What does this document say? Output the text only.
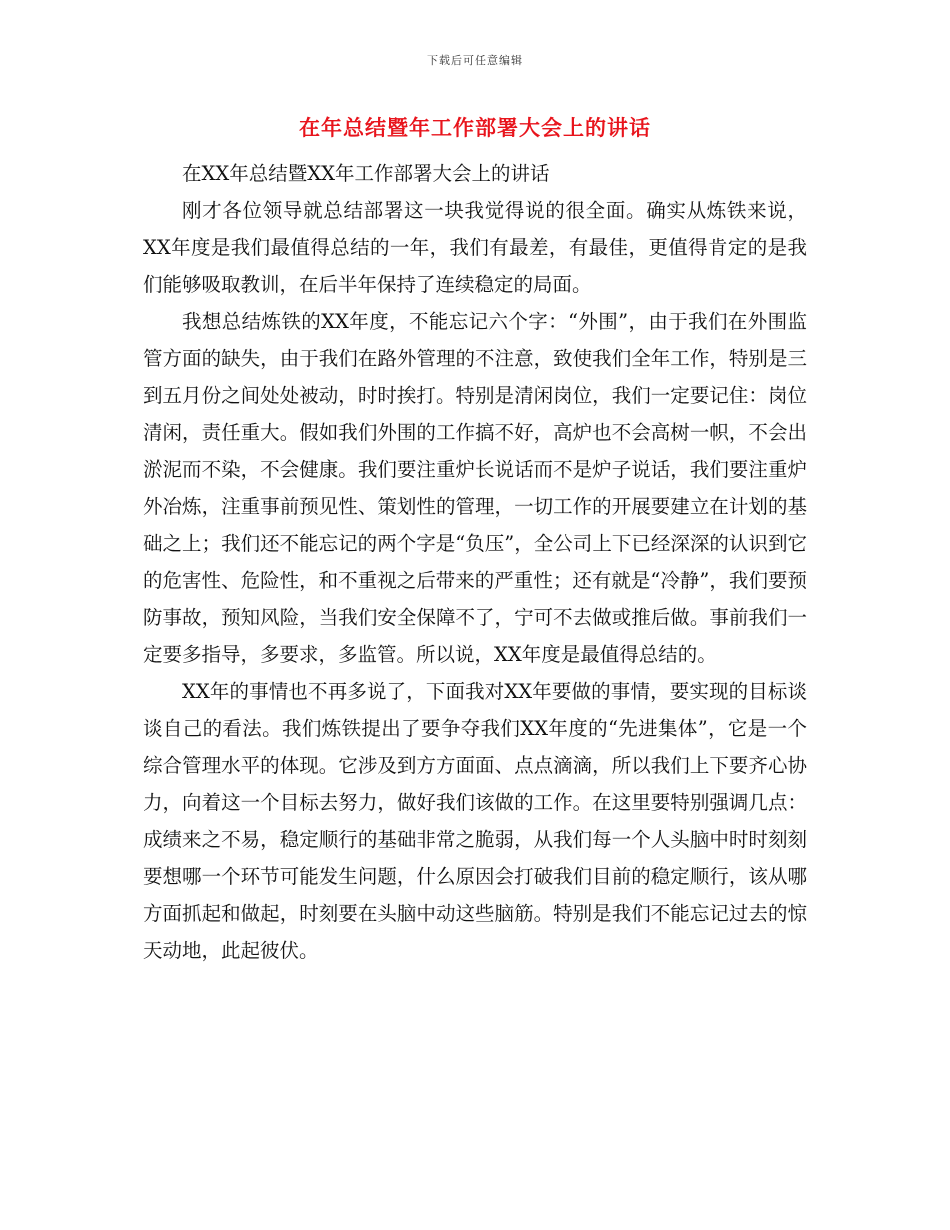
下载后可任意编辑
在年总结暨年工作部署大会上的讲话

在XX年总结暨XX年工作部署大会上的讲话

刚才各位领导就总结部署这一块我觉得说的很全面。确实从炼铁来说，XX年度是我们最值得总结的一年，我们有最差，有最佳，更值得肯定的是我们能够吸取教训，在后半年保持了连续稳定的局面。

我想总结炼铁的XX年度，不能忘记六个字：“外围”，由于我们在外围监管方面的缺失，由于我们在路外管理的不注意，致使我们全年工作，特别是三到五月份之间处处被动，时时挨打。特别是清闲岗位，我们一定要记住：岗位清闲，责任重大。假如我们外围的工作搞不好，高炉也不会高树一帜，不会出淤泥而不染，不会健康。我们要注重炉长说话而不是炉子说话，我们要注重炉外冶炼，注重事前预见性、策划性的管理，一切工作的开展要建立在计划的基础之上；我们还不能忘记的两个字是“负压”，全公司上下已经深深的认识到它的危害性、危险性，和不重视之后带来的严重性；还有就是“冷静”，我们要预防事故，预知风险，当我们安全保障不了，宁可不去做或推后做。事前我们一定要多指导，多要求，多监管。所以说，XX年度是最值得总结的。

XX年的事情也不再多说了，下面我对XX年要做的事情，要实现的目标谈谈自己的看法。我们炼铁提出了要争夺我们XX年度的“先进集体”，它是一个综合管理水平的体现。它涉及到方方面面、点点滴滴，所以我们上下要齐心协力，向着这一个目标去努力，做好我们该做的工作。在这里要特别强调几点：成绩来之不易，稳定顺行的基础非常之脆弱，从我们每一个人头脑中时时刻刻要想哪一个环节可能发生问题，什么原因会打破我们目前的稳定顺行，该从哪方面抓起和做起，时刻要在头脑中动这些脑筋。特别是我们不能忘记过去的惊天动地，此起彼伏。
